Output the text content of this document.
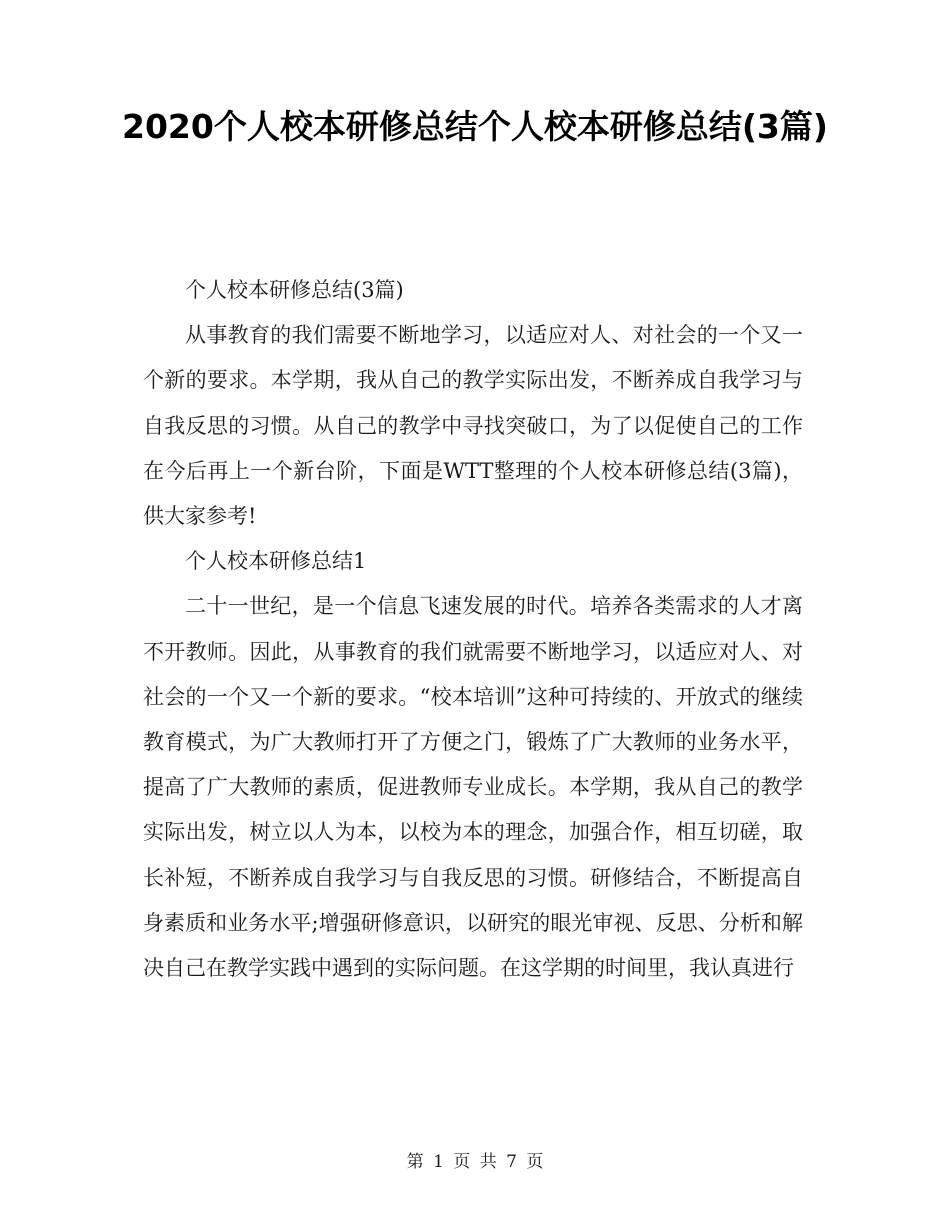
2020个人校本研修总结个人校本研修总结(3篇)

个人校本研修总结(3篇)

从事教育的我们需要不断地学习，以适应对人、对社会的一个又一个新的要求。本学期，我从自己的教学实际出发，不断养成自我学习与自我反思的习惯。从自己的教学中寻找突破口，为了以促使自己的工作在今后再上一个新台阶，下面是WTT整理的个人校本研修总结(3篇)，供大家参考!

个人校本研修总结1

二十一世纪，是一个信息飞速发展的时代。培养各类需求的人才离不开教师。因此，从事教育的我们就需要不断地学习，以适应对人、对社会的一个又一个新的要求。“校本培训”这种可持续的、开放式的继续教育模式，为广大教师打开了方便之门，锻炼了广大教师的业务水平，提高了广大教师的素质，促进教师专业成长。本学期，我从自己的教学实际出发，树立以人为本，以校为本的理念，加强合作，相互切磋，取长补短，不断养成自我学习与自我反思的习惯。研修结合，不断提高自身素质和业务水平;增强研修意识，以研究的眼光审视、反思、分析和解决自己在教学实践中遇到的实际问题。在这学期的时间里，我认真进行

第 1 页 共 7 页
